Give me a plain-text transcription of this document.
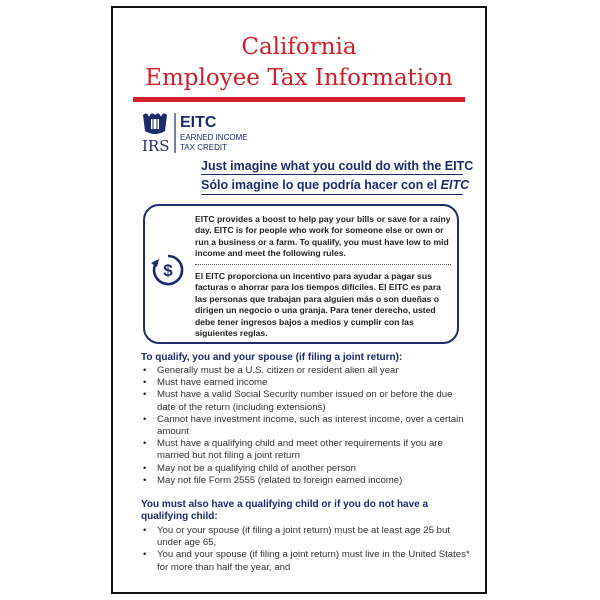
California
Employee Tax Information
IRS
EITC
EARNED INCOME
TAX CREDIT
Just imagine what you could do with the EITC
Sólo imagine lo que podría hacer con el EITC
$
EITC provides a boost to help pay your bills or save for a rainy day. EITC is for people who work for someone else or own or run a business or a farm. To qualify, you must have low to mid income and meet the following rules.
El EITC proporciona un incentivo para ayudar a pagar sus facturas o ahorrar para los tiempos difíciles. El EITC es para las personas que trabajan para alguien más o son dueñas o dirigen un negocio o una granja. Para tener derecho, usted debe tener ingresos bajos a medios y cumplir con las siguientes reglas.
To qualify, you and your spouse (if filing a joint return):
• Generally must be a U.S. citizen or resident alien all year
• Must have earned income
• Must have a valid Social Security number issued on or before the due date of the return (including extensions)
• Cannot have investment income, such as interest income, over a certain amount
• Must have a qualifying child and meet other requirements if you are married but not filing a joint return
• May not be a qualifying child of another person
• May not file Form 2555 (related to foreign earned income)
You must also have a qualifying child or if you do not have a qualifying child:
• You or your spouse (if filing a joint return) must be at least age 25 but under age 65,
• You and your spouse (if filing a joint return) must live in the United States* for more than half the year, and
